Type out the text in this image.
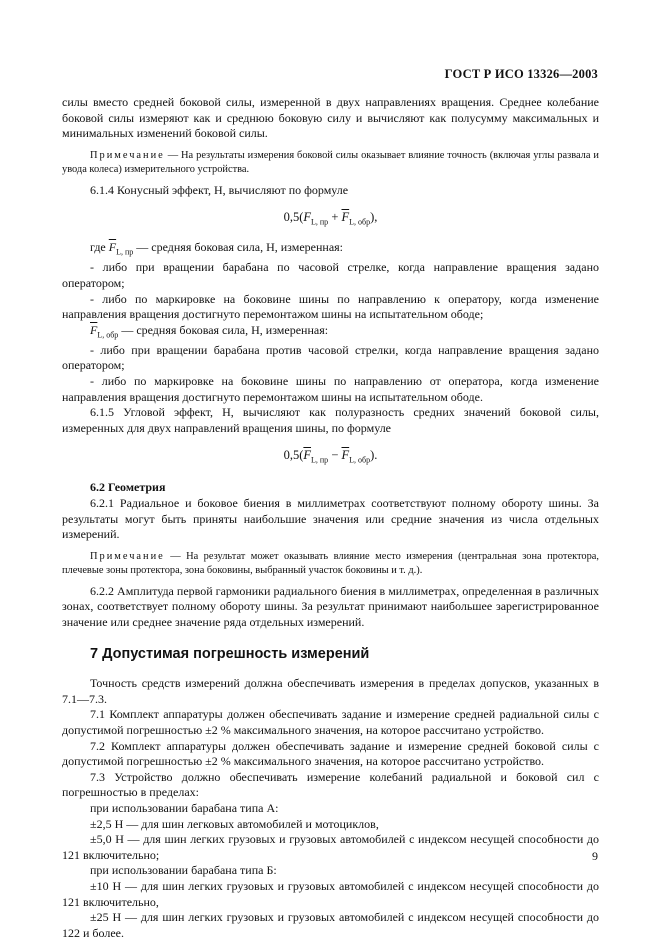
ГОСТ Р ИСО 13326—2003

силы вместо средней боковой силы, измеренной в двух направлениях вращения. Среднее колебание боковой силы измеряют как и среднюю боковую силу и вычисляют как полусумму максимальных и минимальных изменений боковой силы.

Примечание — На результаты измерения боковой силы оказывает влияние точность (включая углы развала и увода колеса) измерительного устройства.

6.1.4 Конусный эффект, Н, вычисляют по формуле

$0,5(F_{L, пр} + \overline{F}_{L, обр})$,

где $\overline{F}_{L, пр}$ — средняя боковая сила, Н, измеренная:

- либо при вращении барабана по часовой стрелке, когда направление вращения задано оператором;

- либо по маркировке на боковине шины по направлению к оператору, когда изменение направления вращения достигнуто перемонтажом шины на испытательном ободе;

$\overline{F}_{L, обр}$ — средняя боковая сила, Н, измеренная:

- либо при вращении барабана против часовой стрелки, когда направление вращения задано оператором;

- либо по маркировке на боковине шины по направлению от оператора, когда изменение направления вращения достигнуто перемонтажом шины на испытательном ободе.

6.1.5 Угловой эффект, Н, вычисляют как полуразность средних значений боковой силы, измеренных для двух направлений вращения шины, по формуле

$0,5(\overline{F}_{L, пр} - \overline{F}_{L, обр})$.

6.2 Геометрия

6.2.1 Радиальное и боковое биения в миллиметрах соответствуют полному обороту шины. За результаты могут быть приняты наибольшие значения или средние значения из числа отдельных измерений.

Примечание — На результат может оказывать влияние место измерения (центральная зона протектора, плечевые зоны протектора, зона боковины, выбранный участок боковины и т. д.).

6.2.2 Амплитуда первой гармоники радиального биения в миллиметрах, определенная в различных зонах, соответствует полному обороту шины. За результат принимают наибольшее зарегистрированное значение или среднее значение ряда отдельных измерений.

7 Допустимая погрешность измерений

Точность средств измерений должна обеспечивать измерения в пределах допусков, указанных в 7.1—7.3.

7.1 Комплект аппаратуры должен обеспечивать задание и измерение средней радиальной силы с допустимой погрешностью ±2 % максимального значения, на которое рассчитано устройство.

7.2 Комплект аппаратуры должен обеспечивать задание и измерение средней боковой силы с допустимой погрешностью ±2 % максимального значения, на которое рассчитано устройство.

7.3 Устройство должно обеспечивать измерение колебаний радиальной и боковой сил с погрешностью в пределах:

при использовании барабана типа А:

±2,5 Н — для шин легковых автомобилей и мотоциклов,

±5,0 Н — для шин легких грузовых и грузовых автомобилей с индексом несущей способности до 121 включительно;

при использовании барабана типа Б:

±10 Н — для шин легких грузовых и грузовых автомобилей с индексом несущей способности до 121 включительно,

±25 Н — для шин легких грузовых и грузовых автомобилей с индексом несущей способности до 122 и более.

9
